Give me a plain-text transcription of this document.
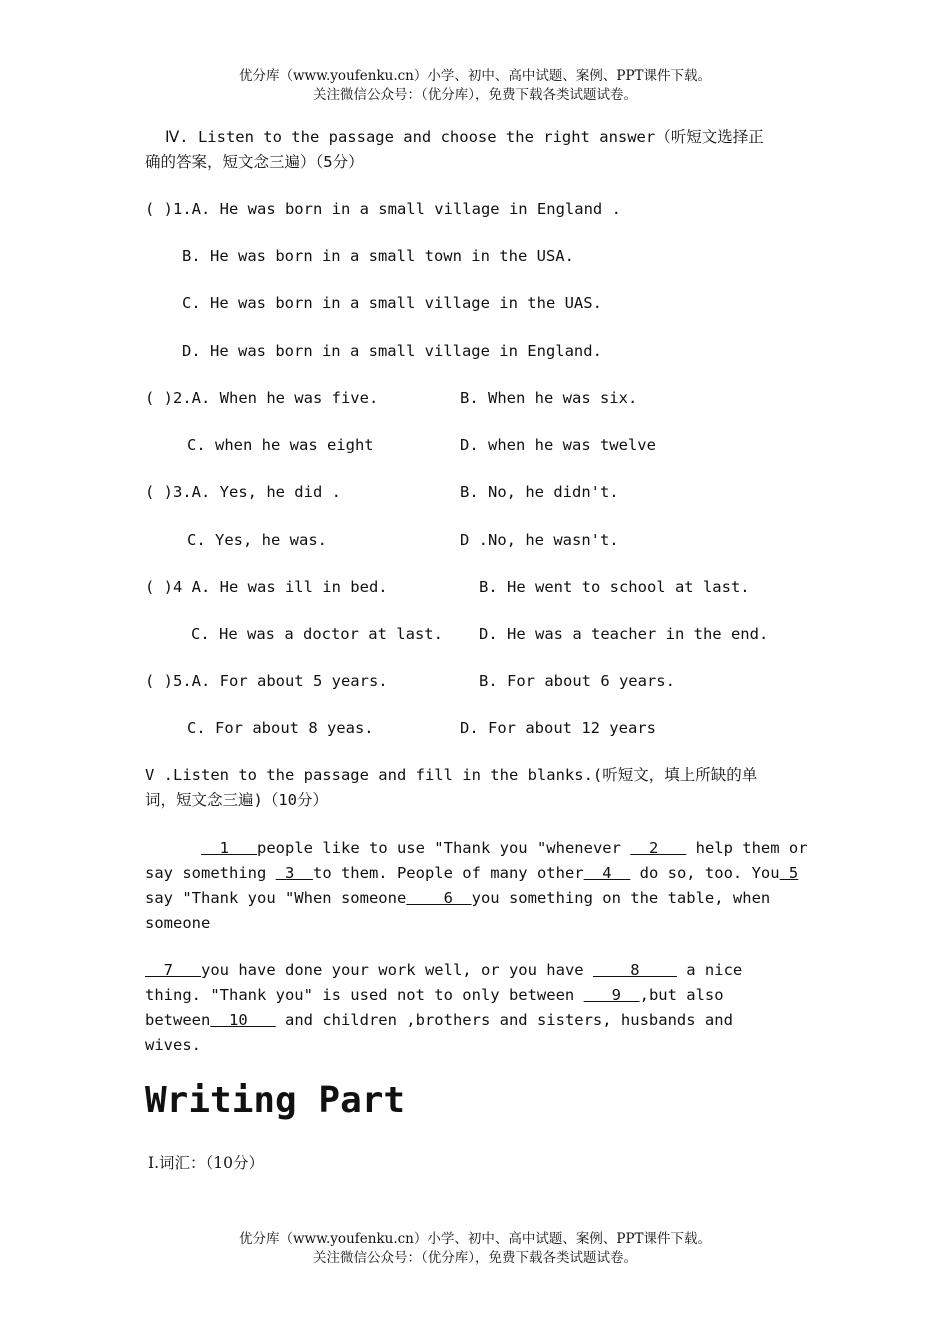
优分库（www.youfenku.cn）小学、初中、高中试题、案例、PPT课件下载。
关注微信公众号：（优分库），免费下载各类试题试卷。
Ⅳ. Listen to the passage and choose the right answer（听短文选择正
确的答案，短文念三遍）（5分）
( )1.A. He was born in a small village in England .
B. He was born in a small town in the USA.
C. He was born in a small village in the UAS.
D. He was born in a small village in England.
( )2.A. When he was five.	B. When he was six.
C. when he was eight	D. when he was twelve
( )3.A. Yes, he did .	B. No, he didn't.
C. Yes, he was.	D .No, he wasn't.
( )4 A. He was ill in bed.	B. He went to school at last.
C. He was a doctor at last. D. He was a teacher in the end.
( )5.A. For about 5 years.	B. For about 6 years.
C. For about 8 yeas.	D. For about 12 years
V .Listen to the passage and fill in the blanks.(听短文，填上所缺的单
词，短文念三遍)（10分）
1   people like to use "Thank you "whenever   2    help them or say something  3  to them. People of many other  4   do so, too. You 5 say "Thank you "When someone    6  you something on the table, when someone
7   you have done your work well, or you have     8     a nice thing. "Thank you" is used not to only between    9  ,but also between  10    and children ,brothers and sisters, husbands and wives.
Writing Part
Ⅰ.词汇：（10分）
优分库（www.youfenku.cn）小学、初中、高中试题、案例、PPT课件下载。
关注微信公众号：（优分库），免费下载各类试题试卷。
